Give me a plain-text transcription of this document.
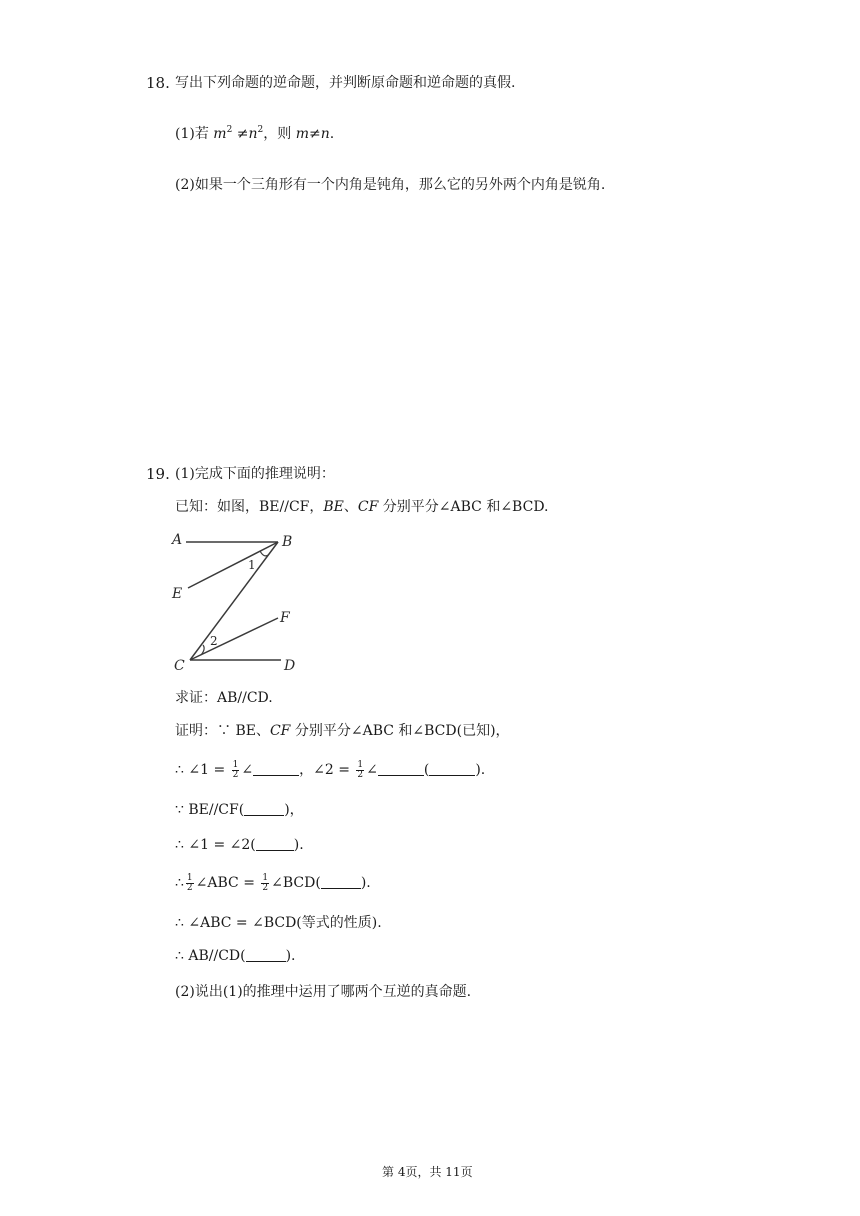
18. 写出下列命题的逆命题，并判断原命题和逆命题的真假.
(1)若 $m^2 \ne n^2$，则 m≠n.
(2)如果一个三角形有一个内角是钝角，那么它的另外两个内角是锐角.
19. (1)完成下面的推理说明：
已知：如图，BE//CF，BE、CF 分别平分∠ABC 和∠BCD.
A	B
E
F
C	D
1
2
求证：AB//CD.
证明：∵ BE、CF 分别平分∠ABC 和∠BCD(已知)，
∴ ∠1 = $\frac{1}{2}$ ∠	，∠2 = $\frac{1}{2}$ ∠	(	).
∵ BE//CF(	)，
∴ ∠1 = ∠2(	).
∴ $\frac{1}{2}$ ∠ABC = $\frac{1}{2}$ ∠BCD(	).
∴ ∠ABC = ∠BCD(等式的性质).
∴ AB//CD(	).
(2)说出(1)的推理中运用了哪两个互逆的真命题.
第 4页，共 11页
